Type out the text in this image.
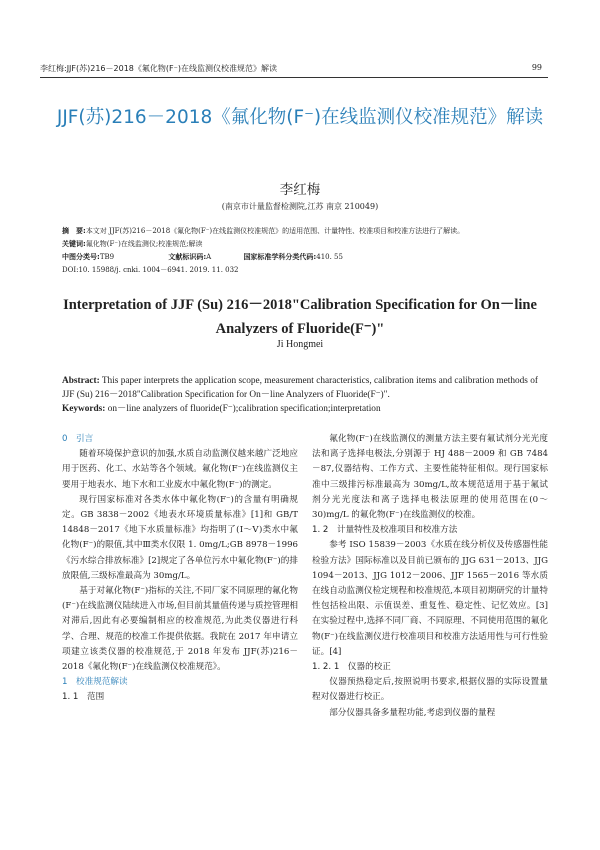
李红梅:JJF(苏)216－2018《氟化物(F⁻)在线监测仪校准规范》解读	99
JJF(苏)216－2018《氟化物(F⁻)在线监测仪校准规范》解读
李红梅
(南京市计量监督检测院,江苏 南京 210049)
摘　要:本文对 JJF(苏)216－2018《氟化物(F⁻)在线监测仪校准规范》的适用范围、计量特性、校准项目和校准方法进行了解读。
关键词:氟化物(F⁻)在线监测仪;校准规范;解读
中图分类号:TB9	文献标识码:A	国家标准学科分类代码:410. 55
DOI:10. 15988/j. cnki. 1004－6941. 2019. 11. 032
Interpretation of JJF (Su) 216－2018"Calibration Specification for On－line Analyzers of Fluoride(F⁻)"
Ji Hongmei
Abstract: This paper interprets the application scope, measurement characteristics, calibration items and calibration methods of JJF (Su) 216－2018"Calibration Specification for On－line Analyzers of Fluoride(F⁻)".
Keywords: on－line analyzers of fluoride(F⁻);calibration specification;interpretation

0　引言

随着环境保护意识的加强,水质自动监测仪越来越广泛地应用于医药、化工、水站等各个领域。氟化物(F⁻)在线监测仪主要用于地表水、地下水和工业废水中氟化物(F⁻)的测定。

现行国家标准对各类水体中氟化物(F⁻)的含量有明确规定。GB 3838－2002《地表水环境质量标准》[1]和 GB/T 14848－2017《地下水质量标准》均指明了(Ⅰ～Ⅴ)类水中氟化物(F⁻)的限值,其中Ⅲ类水仅限 1. 0mg/L;GB 8978－1996《污水综合排放标准》[2]规定了各单位污水中氟化物(F⁻)的排放限值,三级标准最高为 30mg/L。

基于对氟化物(F⁻)指标的关注,不同厂家不同原理的氟化物(F⁻)在线监测仪陆续进入市场,但目前其量值传递与质控管理相对滞后,因此有必要编制相应的校准规范,为此类仪器进行科学、合理、规范的校准工作提供依据。我院在 2017 年申请立项建立该类仪器的校准规范,于 2018 年发布 JJF(苏)216－2018《氟化物(F⁻)在线监测仪校准规范》。

1　校准规范解读

1. 1　范围

氟化物(F⁻)在线监测仪的测量方法主要有氟试剂分光光度法和离子选择电极法,分别源于 HJ 488－2009 和 GB 7484－87,仪器结构、工作方式、主要性能特征相似。现行国家标准中三级排污标准最高为 30mg/L,故本规范适用于基于氟试剂分光光度法和离子选择电极法原理的使用范围在(0～30)mg/L 的氟化物(F⁻)在线监测仪的校准。

1. 2　计量特性及校准项目和校准方法

参考 ISO 15839－2003《水质在线分析仪及传感器性能检验方法》国际标准以及目前已颁布的 JJG 631－2013、JJG 1094－2013、JJG 1012－2006、JJF 1565－2016 等水质在线自动监测仪检定规程和校准规范,本项目初期研究的计量特性包括检出限、示值误差、重复性、稳定性、记忆效应。[3] 在实验过程中,选择不同厂商、不同原理、不同使用范围的氟化物(F⁻)在线监测仪进行校准项目和校准方法适用性与可行性验证。[4]

1. 2. 1　仪器的校正

仪器预热稳定后,按照说明书要求,根据仪器的实际设置量程对仪器进行校正。

部分仪器具备多量程功能,考虑到仪器的量程
